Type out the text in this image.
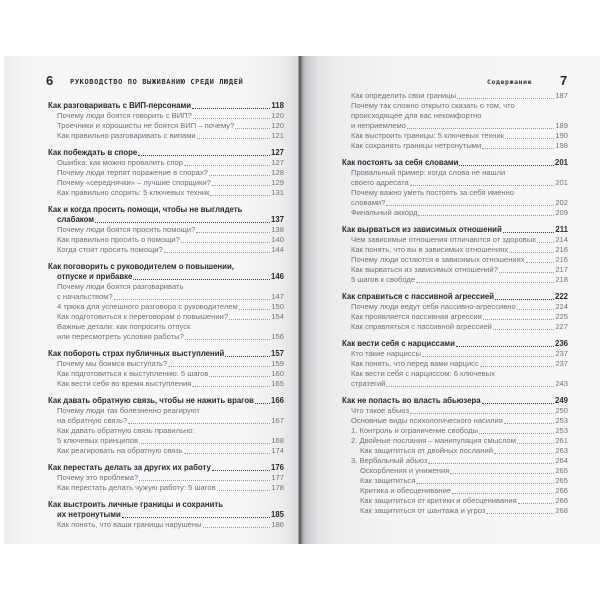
6 РУКОВОДСТВО ПО ВЫЖИВАНИЮ СРЕДИ ЛЮДЕЙ
Как разговаривать с ВИП-персонами	118
Почему люди боятся говорить с ВИП?	120
Троечники и хорошисты не боятся ВИП – почему?	120
Как правильно разговаривать с випами	121
Как побеждать в споре	127
Ошибка: как можно провалить спор	127
Почему люди терпят поражение в спорах?	128
Почему «середнячки» – лучшие спорщики?	129
Как правильно спорить: 5 ключевых техник	131
Как и когда просить помощи, чтобы не выглядеть
слабаком	137
Почему люди боятся просить помощи?	138
Как правильно просить о помощи?	140
Когда стоит просить помощи?	144
Как поговорить с руководителем о повышении,
отпуске и прибавке	146
Почему люди боятся разговаривать
с начальством?	147
4 трюка для успешного разговора с руководителем	150
Как подготовиться к переговорам о повышении?	154
Важные детали: как попросить отпуск
или пересмотреть условия работы?	156
Как побороть страх публичных выступлений	157
Почему мы боимся выступать?	159
Как подготовиться к выступлению: 5 шагов	160
Как вести себя во время выступления	165
Как давать обратную связь, чтобы не нажить врагов 166
Почему люди так болезненно реагируют
на обратную связь?	167
Как давать обратную связь правильно:
5 ключевых принципов	168
Как реагировать на обратную связь	174
Как перестать делать за других их работу	176
Почему это проблема?	177
Как перестать делать чужую работу: 5 шагов	178
Как выстроить личные границы и сохранить
их нетронутыми	185
Как понять, что ваши границы нарушены	186
Содержание 7
Как определить свои границы	187
Почему так сложно открыто сказать о том, что
происходящее для вас некомфортно
и неприемлемо	189
Как выстроить границы: 5 ключевых техник	190
Как сохранять границы нетронутыми	198
Как постоять за себя словами	201
Провальный пример: когда слова не нашли
своего адресата	201
Почему важно уметь постоять за себя именно
словами?	202
Финальный аккорд	209
Как вырваться из зависимых отношений	211
Чем зависимые отношения отличаются от здоровых	214
Как понять, что вы в зависимых отношениях	216
Почему люди остаются в зависимых отношениях	216
Как вырваться из зависимых отношений?	217
5 шагов к свободе	218
Как справиться с пассивной агрессией	222
Почему люди ведут себя пассивно-агрессивно	224
Как проявляется пассивная агрессия	225
Как справляться с пассивной агрессией	227
Как вести себя с нарциссами	236
Кто такие нарциссы	237
Как понять, что перед вами нарцисс	237
Как вести себя с нарциссом: 6 ключевых
стратегий	243
Как не попасть во власть абьюзера	249
Что такое абьюз	250
Основные виды психологического насилия	253
1. Контроль и ограничение свободы	253
2. Двойные послания – манипуляция смыслом	261
Как защититься от двойных посланий	263
3. Вербальный абьюз	264
Оскорбления и унижения	265
Как защититься	265
Критика и обесценивание	266
Как защититься от критики и обесценивания	266
Как защититься от шантажа и угроз	268
